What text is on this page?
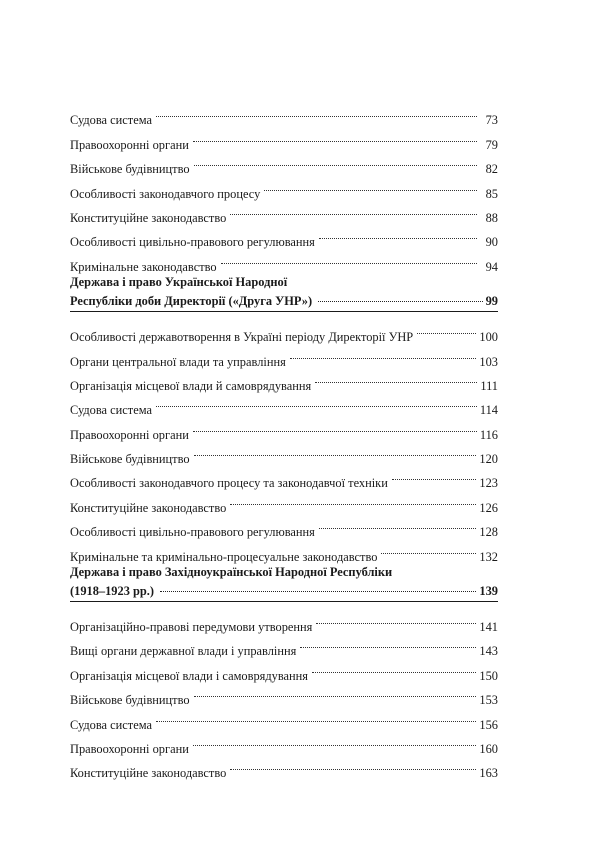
Судова система	73
Правоохоронні органи	79
Військове будівництво	82
Особливості законодавчого процесу	85
Конституційне законодавство	88
Особливості цивільно-правового регулювання	90
Кримінальне законодавство	94
Держава і право Української Народної
Республіки доби Директорії («Друга УНР»)	99
Особливості державотворення в Україні періоду Директорії УНР	100
Органи центральної влади та управління	103
Організація місцевої влади й самоврядування	111
Судова система	114
Правоохоронні органи	116
Військове будівництво	120
Особливості законодавчого процесу та законодавчої техніки	123
Конституційне законодавство	126
Особливості цивільно-правового регулювання	128
Кримінальне та кримінально-процесуальне законодавство	132
Держава і право Західноукраїнської Народної Республіки
(1918–1923 рр.)	139
Організаційно-правові передумови утворення	141
Вищі органи державної влади і управління	143
Організація місцевої влади і самоврядування	150
Військове будівництво	153
Судова система	156
Правоохоронні органи	160
Конституційне законодавство	163
